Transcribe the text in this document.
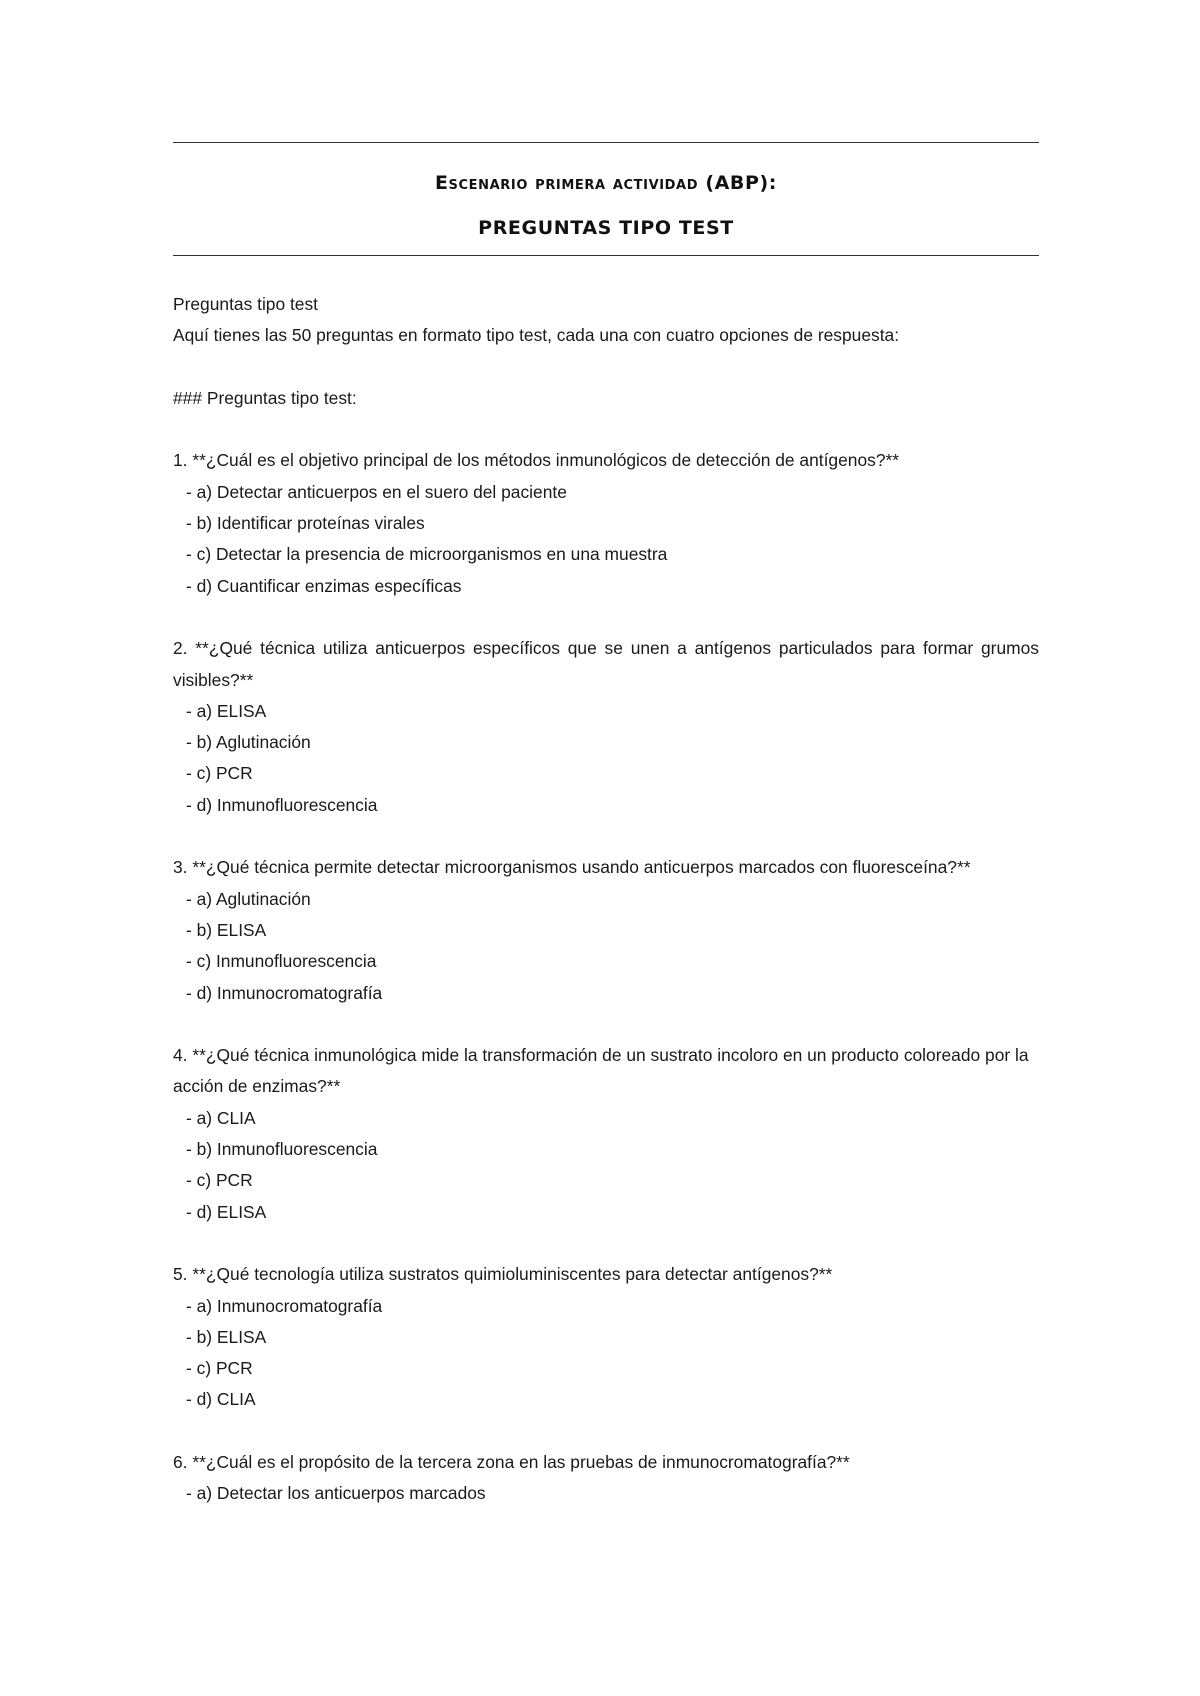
Escenario primera actividad (ABP):
PREGUNTAS TIPO TEST

Preguntas tipo test

Aquí tienes las 50 preguntas en formato tipo test, cada una con cuatro opciones de respuesta:

### Preguntas tipo test:

1. **¿Cuál es el objetivo principal de los métodos inmunológicos de detección de antígenos?**

- a) Detectar anticuerpos en el suero del paciente

- b) Identificar proteínas virales

- c) Detectar la presencia de microorganismos en una muestra

- d) Cuantificar enzimas específicas

2. **¿Qué técnica utiliza anticuerpos específicos que se unen a antígenos particulados para formar grumos visibles?**

- a) ELISA

- b) Aglutinación

- c) PCR

- d) Inmunofluorescencia

3. **¿Qué técnica permite detectar microorganismos usando anticuerpos marcados con fluoresceína?**

- a) Aglutinación

- b) ELISA

- c) Inmunofluorescencia

- d) Inmunocromatografía

4. **¿Qué técnica inmunológica mide la transformación de un sustrato incoloro en un producto coloreado por la acción de enzimas?**

- a) CLIA

- b) Inmunofluorescencia

- c) PCR

- d) ELISA

5. **¿Qué tecnología utiliza sustratos quimioluminiscentes para detectar antígenos?**

- a) Inmunocromatografía

- b) ELISA

- c) PCR

- d) CLIA

6. **¿Cuál es el propósito de la tercera zona en las pruebas de inmunocromatografía?**

- a) Detectar los anticuerpos marcados
